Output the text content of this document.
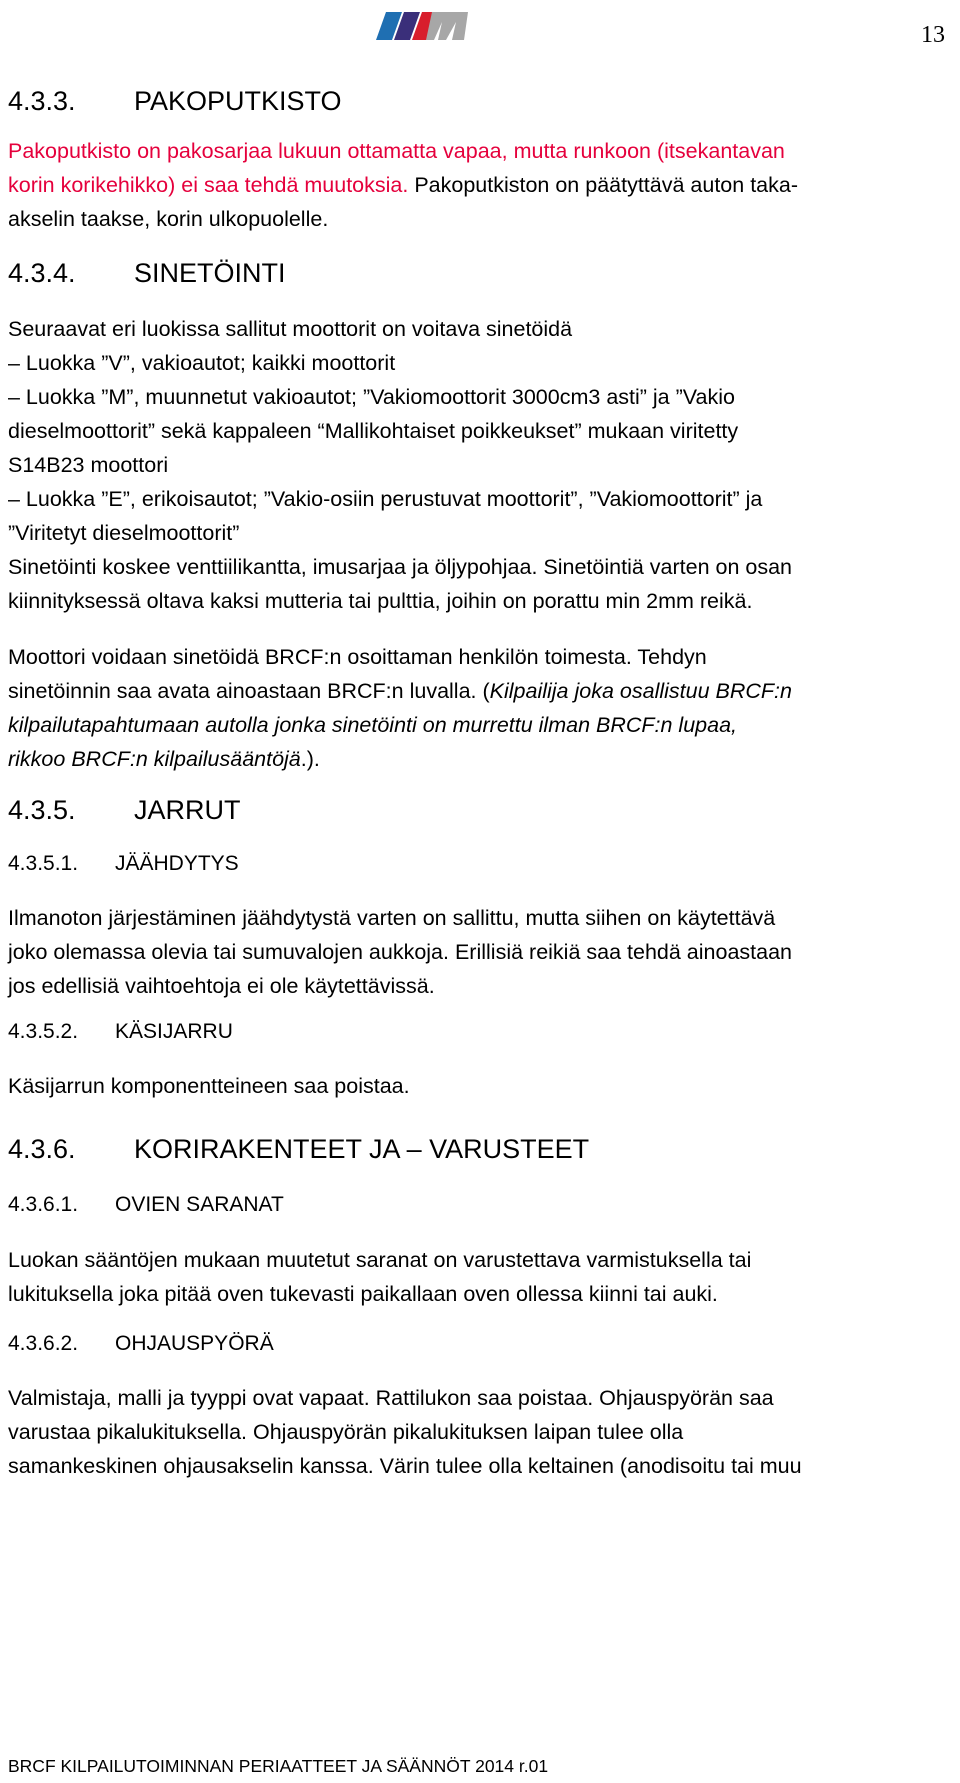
13
4.3.3. PAKOPUTKISTO
Pakoputkisto on pakosarjaa lukuun ottamatta vapaa, mutta runkoon (itsekantavan
korin korikehikko) ei saa tehdä muutoksia. Pakoputkiston on päätyttävä auton taka-
akselin taakse, korin ulkopuolelle.
4.3.4. SINETÖINTI
Seuraavat eri luokissa sallitut moottorit on voitava sinetöidä
– Luokka ”V”, vakioautot; kaikki moottorit
– Luokka ”M”, muunnetut vakioautot; ”Vakiomoottorit 3000cm3 asti” ja ”Vakio
dieselmoottorit” sekä kappaleen “Mallikohtaiset poikkeukset” mukaan viritetty
S14B23 moottori
– Luokka ”E”, erikoisautot; ”Vakio-osiin perustuvat moottorit”, ”Vakiomoottorit” ja
”Viritetyt dieselmoottorit”
Sinetöinti koskee venttiilikantta, imusarjaa ja öljypohjaa. Sinetöintiä varten on osan
kiinnityksessä oltava kaksi mutteria tai pulttia, joihin on porattu min 2mm reikä.
Moottori voidaan sinetöidä BRCF:n osoittaman henkilön toimesta. Tehdyn
sinetöinnin saa avata ainoastaan BRCF:n luvalla. (Kilpailija joka osallistuu BRCF:n
kilpailutapahtumaan autolla jonka sinetöinti on murrettu ilman BRCF:n lupaa,
rikkoo BRCF:n kilpailusääntöjä.).
4.3.5. JARRUT
4.3.5.1. JÄÄHDYTYS
Ilmanoton järjestäminen jäähdytystä varten on sallittu, mutta siihen on käytettävä
joko olemassa olevia tai sumuvalojen aukkoja. Erillisiä reikiä saa tehdä ainoastaan
jos edellisiä vaihtoehtoja ei ole käytettävissä.
4.3.5.2. KÄSIJARRU
Käsijarrun komponentteineen saa poistaa.
4.3.6. KORIRAKENTEET JA – VARUSTEET
4.3.6.1. OVIEN SARANAT
Luokan sääntöjen mukaan muutetut saranat on varustettava varmistuksella tai
lukituksella joka pitää oven tukevasti paikallaan oven ollessa kiinni tai auki.
4.3.6.2. OHJAUSPYÖRÄ
Valmistaja, malli ja tyyppi ovat vapaat. Rattilukon saa poistaa. Ohjauspyörän saa
varustaa pikalukituksella. Ohjauspyörän pikalukituksen laipan tulee olla
samankeskinen ohjausakselin kanssa. Värin tulee olla keltainen (anodisoitu tai muu
BRCF KILPAILUTOIMINNAN PERIAATTEET JA SÄÄNNÖT 2014 r.01
